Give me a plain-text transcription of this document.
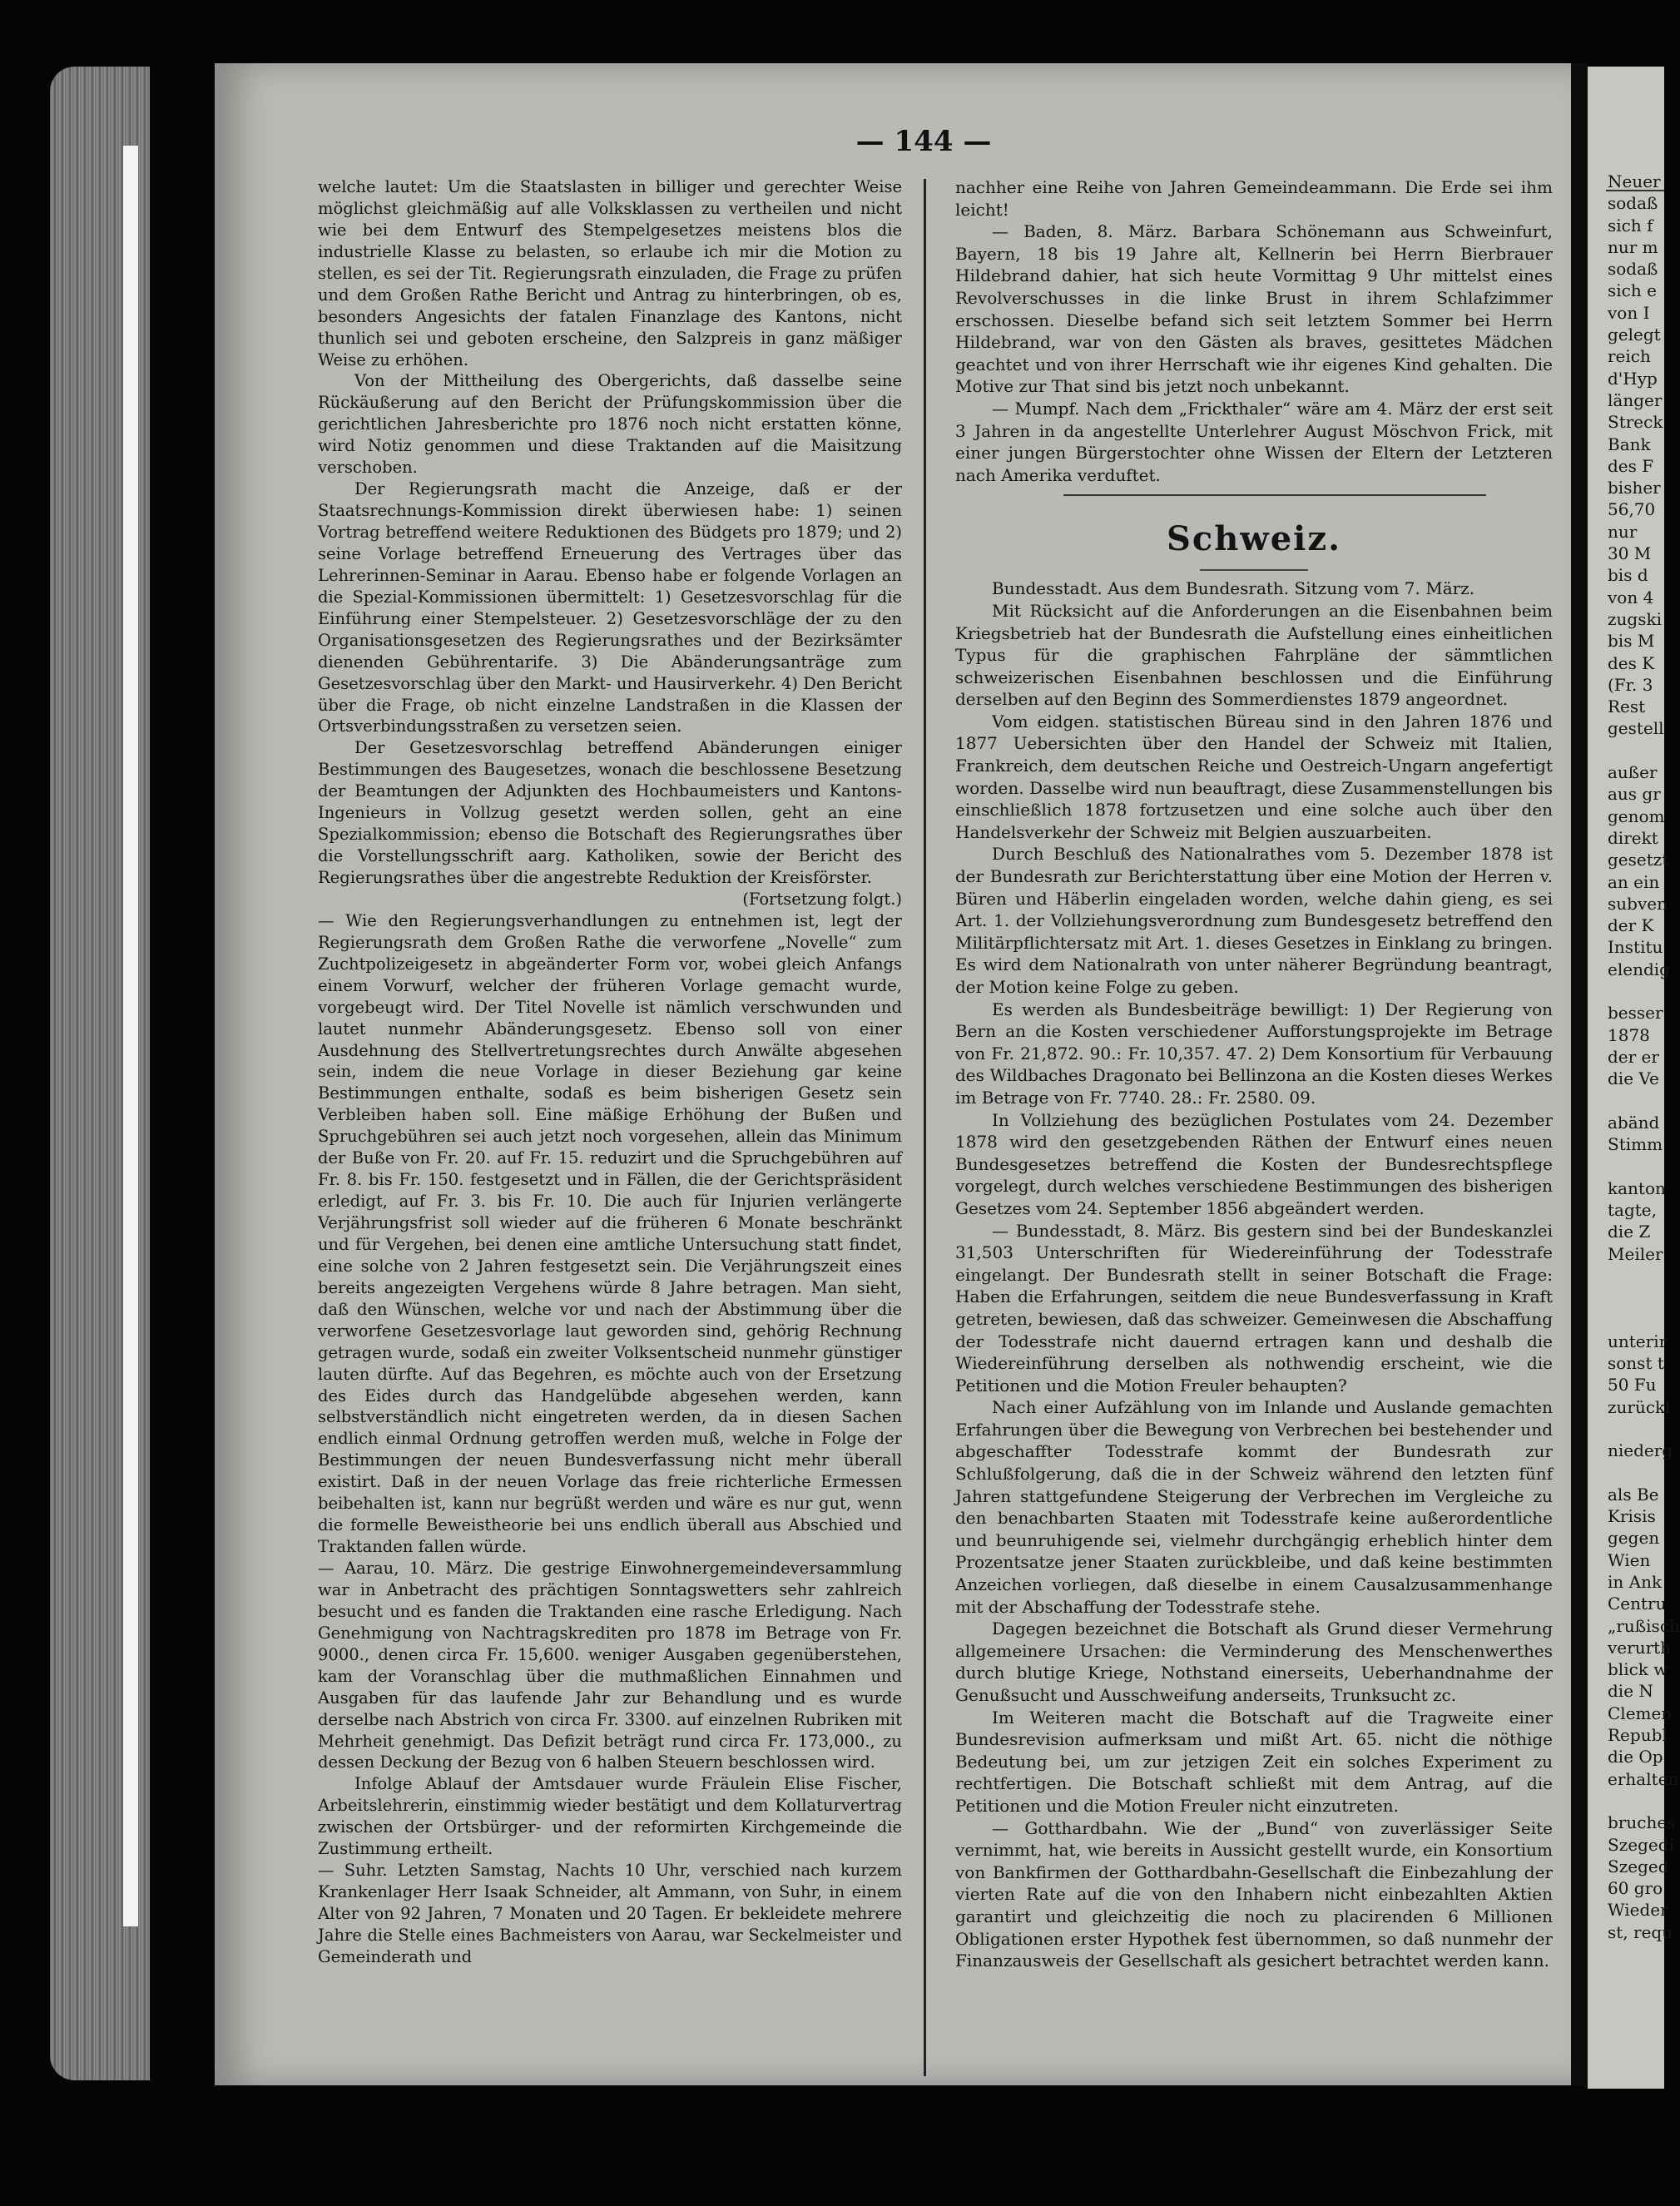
— 144 —

welche lautet: Um die Staatslasten in billiger und gerechter Weise möglichst gleichmäßig auf alle Volksklassen zu vertheilen und nicht wie bei dem Entwurf des Stempelgesetzes meistens blos die industrielle Klasse zu belasten, so erlaube ich mir die Motion zu stellen, es sei der Tit. Regierungsrath einzuladen, die Frage zu prüfen und dem Großen Rathe Bericht und Antrag zu hinterbringen, ob es, besonders Angesichts der fatalen Finanzlage des Kantons, nicht thunlich sei und geboten erscheine, den Salzpreis in ganz mäßiger Weise zu erhöhen.

Von der Mittheilung des Obergerichts, daß dasselbe seine Rückäußerung auf den Bericht der Prüfungskommission über die gerichtlichen Jahresberichte pro 1876 noch nicht erstatten könne, wird Notiz genommen und diese Traktanden auf die Maisitzung verschoben.

Der Regierungsrath macht die Anzeige, daß er der Staatsrechnungs-Kommission direkt überwiesen habe: 1) seinen Vortrag betreffend weitere Reduktionen des Büdgets pro 1879; und 2) seine Vorlage betreffend Erneuerung des Vertrages über das Lehrerinnen-Seminar in Aarau. Ebenso habe er folgende Vorlagen an die Spezial-Kommissionen übermittelt: 1) Gesetzesvorschlag für die Einführung einer Stempelsteuer. 2) Gesetzesvorschläge der zu den Organisationsgesetzen des Regierungsrathes und der Bezirksämter dienenden Gebührentarife. 3) Die Abänderungsanträge zum Gesetzesvorschlag über den Markt- und Hausirverkehr. 4) Den Bericht über die Frage, ob nicht einzelne Landstraßen in die Klassen der Ortsverbindungsstraßen zu versetzen seien.

Der Gesetzesvorschlag betreffend Abänderungen einiger Bestimmungen des Baugesetzes, wonach die beschlossene Besetzung der Beamtungen der Adjunkten des Hochbaumeisters und Kantons-Ingenieurs in Vollzug gesetzt werden sollen, geht an eine Spezialkommission; ebenso die Botschaft des Regierungsrathes über die Vorstellungsschrift aarg. Katholiken, sowie der Bericht des Regierungsrathes über die angestrebte Reduktion der Kreisförster.

(Fortsetzung folgt.)

— Wie den Regierungsverhandlungen zu entnehmen ist, legt der Regierungsrath dem Großen Rathe die verworfene „Novelle“ zum Zuchtpolizeigesetz in abgeänderter Form vor, wobei gleich Anfangs einem Vorwurf, welcher der früheren Vorlage gemacht wurde, vorgebeugt wird. Der Titel Novelle ist nämlich verschwunden und lautet nunmehr Abänderungsgesetz. Ebenso soll von einer Ausdehnung des Stellvertretungsrechtes durch Anwälte abgesehen sein, indem die neue Vorlage in dieser Beziehung gar keine Bestimmungen enthalte, sodaß es beim bisherigen Gesetz sein Verbleiben haben soll. Eine mäßige Erhöhung der Bußen und Spruchgebühren sei auch jetzt noch vorgesehen, allein das Minimum der Buße von Fr. 20. auf Fr. 15. reduzirt und die Spruchgebühren auf Fr. 8. bis Fr. 150. festgesetzt und in Fällen, die der Gerichtspräsident erledigt, auf Fr. 3. bis Fr. 10. Die auch für Injurien verlängerte Verjährungsfrist soll wieder auf die früheren 6 Monate beschränkt und für Vergehen, bei denen eine amtliche Untersuchung statt findet, eine solche von 2 Jahren festgesetzt sein. Die Verjährungszeit eines bereits angezeigten Vergehens würde 8 Jahre betragen. Man sieht, daß den Wünschen, welche vor und nach der Abstimmung über die verworfene Gesetzesvorlage laut geworden sind, gehörig Rechnung getragen wurde, sodaß ein zweiter Volksentscheid nunmehr günstiger lauten dürfte. Auf das Begehren, es möchte auch von der Ersetzung des Eides durch das Handgelübde abgesehen werden, kann selbstverständlich nicht eingetreten werden, da in diesen Sachen endlich einmal Ordnung getroffen werden muß, welche in Folge der Bestimmungen der neuen Bundesverfassung nicht mehr überall existirt. Daß in der neuen Vorlage das freie richterliche Ermessen beibehalten ist, kann nur begrüßt werden und wäre es nur gut, wenn die formelle Beweistheorie bei uns endlich überall aus Abschied und Traktanden fallen würde.

— Aarau, 10. März. Die gestrige Einwohnergemeindeversammlung war in Anbetracht des prächtigen Sonntagswetters sehr zahlreich besucht und es fanden die Traktanden eine rasche Erledigung. Nach Genehmigung von Nachtragskrediten pro 1878 im Betrage von Fr. 9000., denen circa Fr. 15,600. weniger Ausgaben gegenüberstehen, kam der Voranschlag über die muthmaßlichen Einnahmen und Ausgaben für das laufende Jahr zur Behandlung und es wurde derselbe nach Abstrich von circa Fr. 3300. auf einzelnen Rubriken mit Mehrheit genehmigt. Das Defizit beträgt rund circa Fr. 173,000., zu dessen Deckung der Bezug von 6 halben Steuern beschlossen wird.

Infolge Ablauf der Amtsdauer wurde Fräulein Elise Fischer, Arbeitslehrerin, einstimmig wieder bestätigt und dem Kollaturvertrag zwischen der Ortsbürger- und der reformirten Kirchgemeinde die Zustimmung ertheilt.

— Suhr. Letzten Samstag, Nachts 10 Uhr, verschied nach kurzem Krankenlager Herr Isaak Schneider, alt Ammann, von Suhr, in einem Alter von 92 Jahren, 7 Monaten und 20 Tagen. Er bekleidete mehrere Jahre die Stelle eines Bachmeisters von Aarau, war Seckelmeister und Gemeinderath und

nachher eine Reihe von Jahren Gemeindeammann. Die Erde sei ihm leicht!

— Baden, 8. März. Barbara Schönemann aus Schweinfurt, Bayern, 18 bis 19 Jahre alt, Kellnerin bei Herrn Bierbrauer Hildebrand dahier, hat sich heute Vormittag 9 Uhr mittelst eines Revolverschusses in die linke Brust in ihrem Schlafzimmer erschossen. Dieselbe befand sich seit letztem Sommer bei Herrn Hildebrand, war von den Gästen als braves, gesittetes Mädchen geachtet und von ihrer Herrschaft wie ihr eigenes Kind gehalten. Die Motive zur That sind bis jetzt noch unbekannt.

— Mumpf. Nach dem „Frickthaler“ wäre am 4. März der erst seit 3 Jahren in da angestellte Unterlehrer August Möschvon Frick, mit einer jungen Bürgerstochter ohne Wissen der Eltern der Letzteren nach Amerika verduftet.

Schweiz.

Bundesstadt. Aus dem Bundesrath. Sitzung vom 7. März.

Mit Rücksicht auf die Anforderungen an die Eisenbahnen beim Kriegsbetrieb hat der Bundesrath die Aufstellung eines einheitlichen Typus für die graphischen Fahrpläne der sämmtlichen schweizerischen Eisenbahnen beschlossen und die Einführung derselben auf den Beginn des Sommerdienstes 1879 angeordnet.

Vom eidgen. statistischen Büreau sind in den Jahren 1876 und 1877 Uebersichten über den Handel der Schweiz mit Italien, Frankreich, dem deutschen Reiche und Oestreich-Ungarn angefertigt worden. Dasselbe wird nun beauftragt, diese Zusammenstellungen bis einschließlich 1878 fortzusetzen und eine solche auch über den Handelsverkehr der Schweiz mit Belgien auszuarbeiten.

Durch Beschluß des Nationalrathes vom 5. Dezember 1878 ist der Bundesrath zur Berichterstattung über eine Motion der Herren v. Büren und Häberlin eingeladen worden, welche dahin gieng, es sei Art. 1. der Vollziehungsverordnung zum Bundesgesetz betreffend den Militärpflichtersatz mit Art. 1. dieses Gesetzes in Einklang zu bringen. Es wird dem Nationalrath von unter näherer Begründung beantragt, der Motion keine Folge zu geben.

Es werden als Bundesbeiträge bewilligt: 1) Der Regierung von Bern an die Kosten verschiedener Aufforstungsprojekte im Betrage von Fr. 21,872. 90.: Fr. 10,357. 47. 2) Dem Konsortium für Verbauung des Wildbaches Dragonato bei Bellinzona an die Kosten dieses Werkes im Betrage von Fr. 7740. 28.: Fr. 2580. 09.

In Vollziehung des bezüglichen Postulates vom 24. Dezember 1878 wird den gesetzgebenden Räthen der Entwurf eines neuen Bundesgesetzes betreffend die Kosten der Bundesrechtspflege vorgelegt, durch welches verschiedene Bestimmungen des bisherigen Gesetzes vom 24. September 1856 abgeändert werden.

— Bundesstadt, 8. März. Bis gestern sind bei der Bundeskanzlei 31,503 Unterschriften für Wiedereinführung der Todesstrafe eingelangt. Der Bundesrath stellt in seiner Botschaft die Frage: Haben die Erfahrungen, seitdem die neue Bundesverfassung in Kraft getreten, bewiesen, daß das schweizer. Gemeinwesen die Abschaffung der Todesstrafe nicht dauernd ertragen kann und deshalb die Wiedereinführung derselben als nothwendig erscheint, wie die Petitionen und die Motion Freuler behaupten?

Nach einer Aufzählung von im Inlande und Auslande gemachten Erfahrungen über die Bewegung von Verbrechen bei bestehender und abgeschaffter Todesstrafe kommt der Bundesrath zur Schlußfolgerung, daß die in der Schweiz während den letzten fünf Jahren stattgefundene Steigerung der Verbrechen im Vergleiche zu den benachbarten Staaten mit Todesstrafe keine außerordentliche und beunruhigende sei, vielmehr durchgängig erheblich hinter dem Prozentsatze jener Staaten zurückbleibe, und daß keine bestimmten Anzeichen vorliegen, daß dieselbe in einem Causalzusammenhange mit der Abschaffung der Todesstrafe stehe.

Dagegen bezeichnet die Botschaft als Grund dieser Vermehrung allgemeinere Ursachen: die Verminderung des Menschenwerthes durch blutige Kriege, Nothstand einerseits, Ueberhandnahme der Genußsucht und Ausschweifung anderseits, Trunksucht zc.

Im Weiteren macht die Botschaft auf die Tragweite einer Bundesrevision aufmerksam und mißt Art. 65. nicht die nöthige Bedeutung bei, um zur jetzigen Zeit ein solches Experiment zu rechtfertigen. Die Botschaft schließt mit dem Antrag, auf die Petitionen und die Motion Freuler nicht einzutreten.

— Gotthardbahn. Wie der „Bund“ von zuverlässiger Seite vernimmt, hat, wie bereits in Aussicht gestellt wurde, ein Konsortium von Bankfirmen der Gotthardbahn-Gesellschaft die Einbezahlung der vierten Rate auf die von den Inhabern nicht einbezahlten Aktien garantirt und gleichzeitig die noch zu placirenden 6 Millionen Obligationen erster Hypothek fest übernommen, so daß nunmehr der Finanzausweis der Gesellschaft als gesichert betrachtet werden kann.

Neuer
sodaß
sich f
nur m
sodaß
sich e
von I
gelegt
reich
d'Hyp
länger
Streck
Bank
des F
bisher
56,70
nur
30 M
bis d
von 4
zugski
bis M
des K
(Fr. 3
Rest
gestell
außer
aus gr
genom
direkt
gesetzt
an ein
subven
der K
Institu
elendig
besser
1878
der er
die Ve
abänd
Stimm
kanton
tagte,
die Z
Meiler
unterir
sonst t
50 Fu
zurückl
niederg
als Be
Krisis
gegen
Wien
in Ank
Centru
„rußisch
verurth
blick w
die N
Clemen
Republ
die Op
erhalten
bruches
Szegedi
Szeged
60 gro
Wieder
st, requ
